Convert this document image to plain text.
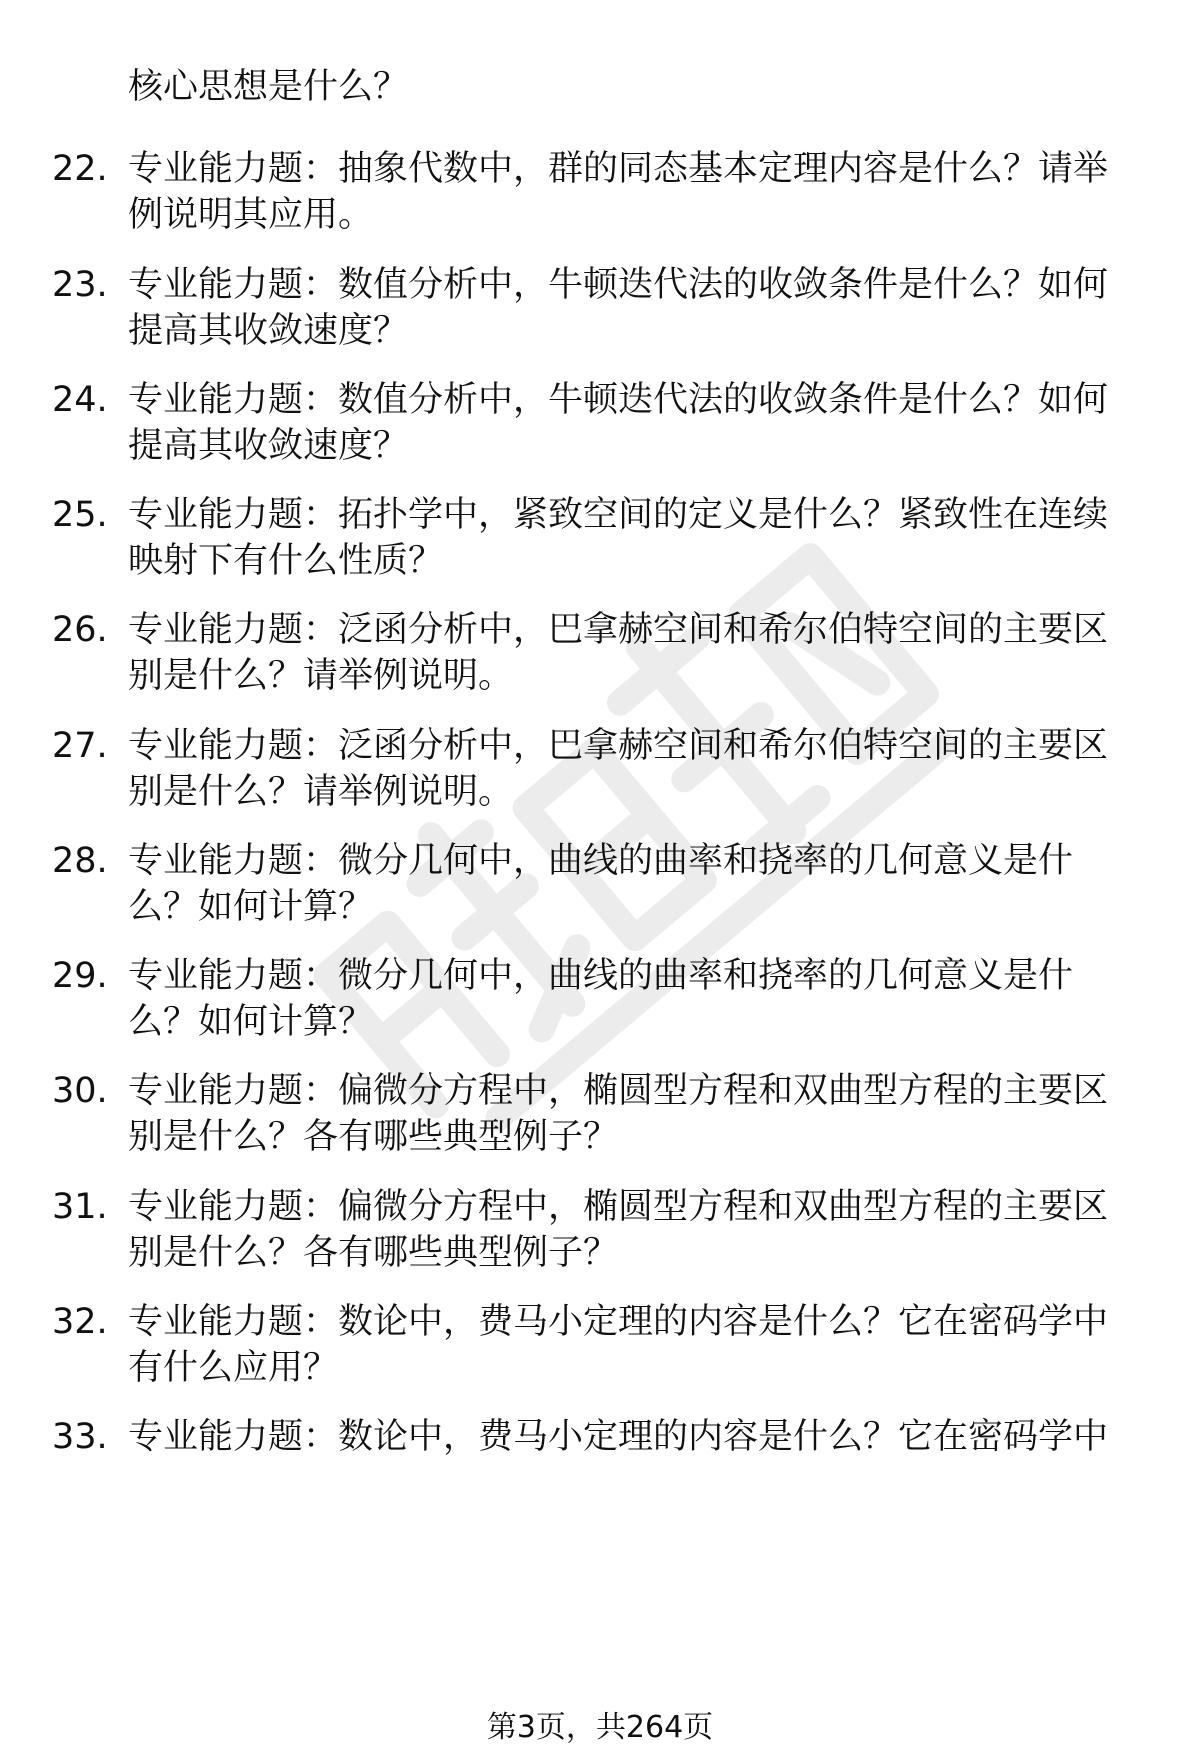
核心思想是什么？
22. 专业能力题：抽象代数中，群的同态基本定理内容是什么？请举
例说明其应用。
23. 专业能力题：数值分析中，牛顿迭代法的收敛条件是什么？如何
提高其收敛速度？
24. 专业能力题：数值分析中，牛顿迭代法的收敛条件是什么？如何
提高其收敛速度？
25. 专业能力题：拓扑学中，紧致空间的定义是什么？紧致性在连续
映射下有什么性质？
26. 专业能力题：泛函分析中，巴拿赫空间和希尔伯特空间的主要区
别是什么？请举例说明。
27. 专业能力题：泛函分析中，巴拿赫空间和希尔伯特空间的主要区
别是什么？请举例说明。
28. 专业能力题：微分几何中，曲线的曲率和挠率的几何意义是什
么？如何计算？
29. 专业能力题：微分几何中，曲线的曲率和挠率的几何意义是什
么？如何计算？
30. 专业能力题：偏微分方程中，椭圆型方程和双曲型方程的主要区
别是什么？各有哪些典型例子？
31. 专业能力题：偏微分方程中，椭圆型方程和双曲型方程的主要区
别是什么？各有哪些典型例子？
32. 专业能力题：数论中，费马小定理的内容是什么？它在密码学中
有什么应用？
33. 专业能力题：数论中，费马小定理的内容是什么？它在密码学中
第3页，共264页
